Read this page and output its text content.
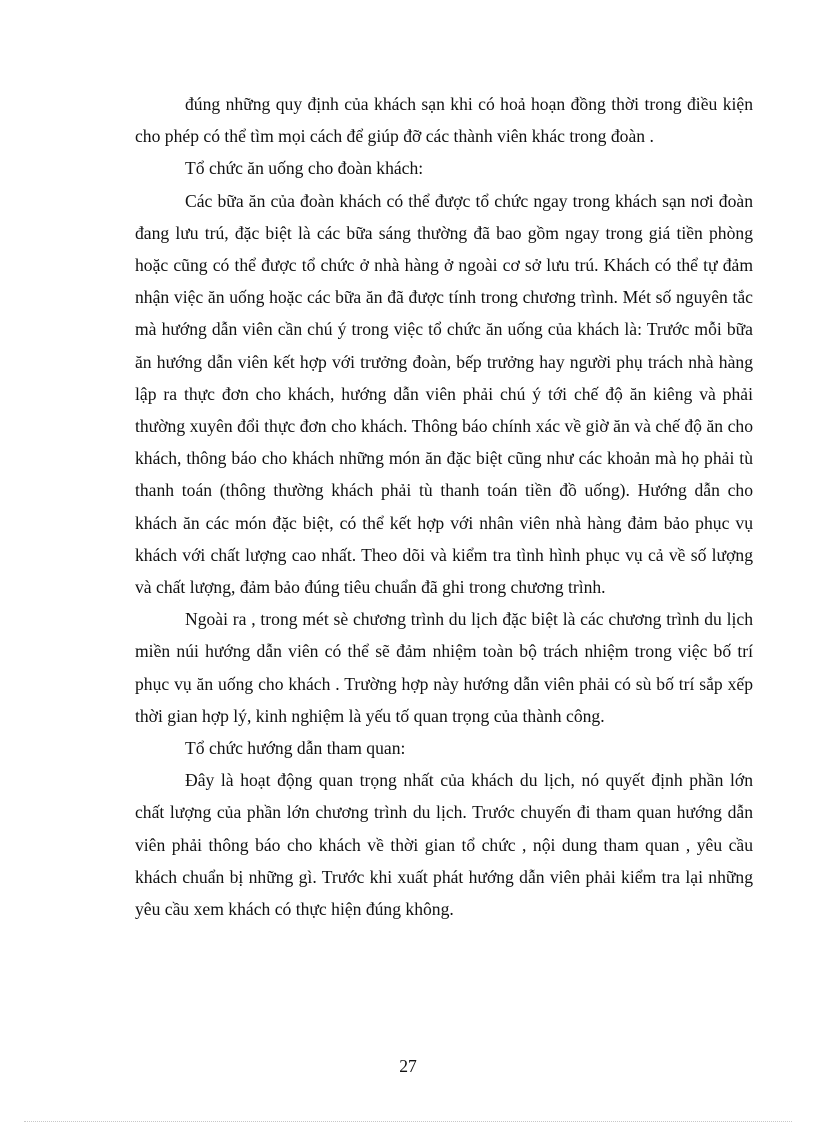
đúng những quy định của khách sạn khi có hoả hoạn đồng thời trong điều kiện cho phép có thể tìm mọi cách để giúp đỡ các thành viên khác trong đoàn .

Tổ chức ăn uống cho đoàn khách:

Các bữa ăn của đoàn khách có thể được tổ chức ngay trong khách sạn nơi đoàn đang lưu trú, đặc biệt là các bữa sáng thường đã bao gồm ngay trong giá tiền phòng hoặc cũng có thể được tổ chức ở nhà hàng ở ngoài cơ sở lưu trú. Khách có thể tự đảm nhận việc ăn uống hoặc các bữa ăn đã được tính trong chương trình. Mét số nguyên tắc mà hướng dẫn viên cần chú ý trong việc tổ chức ăn uống của khách là: Trước mỗi bữa ăn hướng dẫn viên kết hợp với trưởng đoàn, bếp trưởng hay người phụ trách nhà hàng lập ra thực đơn cho khách, hướng dẫn viên phải chú ý tới chế độ ăn kiêng và phải thường xuyên đổi thực đơn cho khách. Thông báo chính xác về giờ ăn và chế độ ăn cho khách, thông báo cho khách những món ăn đặc biệt cũng như các khoản mà họ phải tù thanh toán (thông thường khách phải tù thanh toán tiền đồ uống). Hướng dẫn cho khách ăn các món đặc biệt, có thể kết hợp với nhân viên nhà hàng đảm bảo phục vụ khách với chất lượng cao nhất. Theo dõi và kiểm tra tình hình phục vụ cả về số lượng và chất lượng, đảm bảo đúng tiêu chuẩn đã ghi trong chương trình.

Ngoài ra , trong mét sè chương trình du lịch đặc biệt là các chương trình du lịch miền núi hướng dẫn viên có thể sẽ đảm nhiệm toàn bộ trách nhiệm trong việc bố trí phục vụ ăn uống cho khách . Trường hợp này hướng dẫn viên phải có sù bố trí sắp xếp thời gian hợp lý, kinh nghiệm là yếu tố quan trọng của thành công.

Tổ chức hướng dẫn tham quan:

Đây là hoạt động quan trọng nhất của khách du lịch, nó quyết định phần lớn chất lượng của phần lớn chương trình du lịch. Trước chuyến đi tham quan hướng dẫn viên phải thông báo cho khách về thời gian tổ chức , nội dung tham quan , yêu cầu khách chuẩn bị những gì. Trước khi xuất phát hướng dẫn viên phải kiểm tra lại những yêu cầu xem khách có thực hiện đúng không.

27
